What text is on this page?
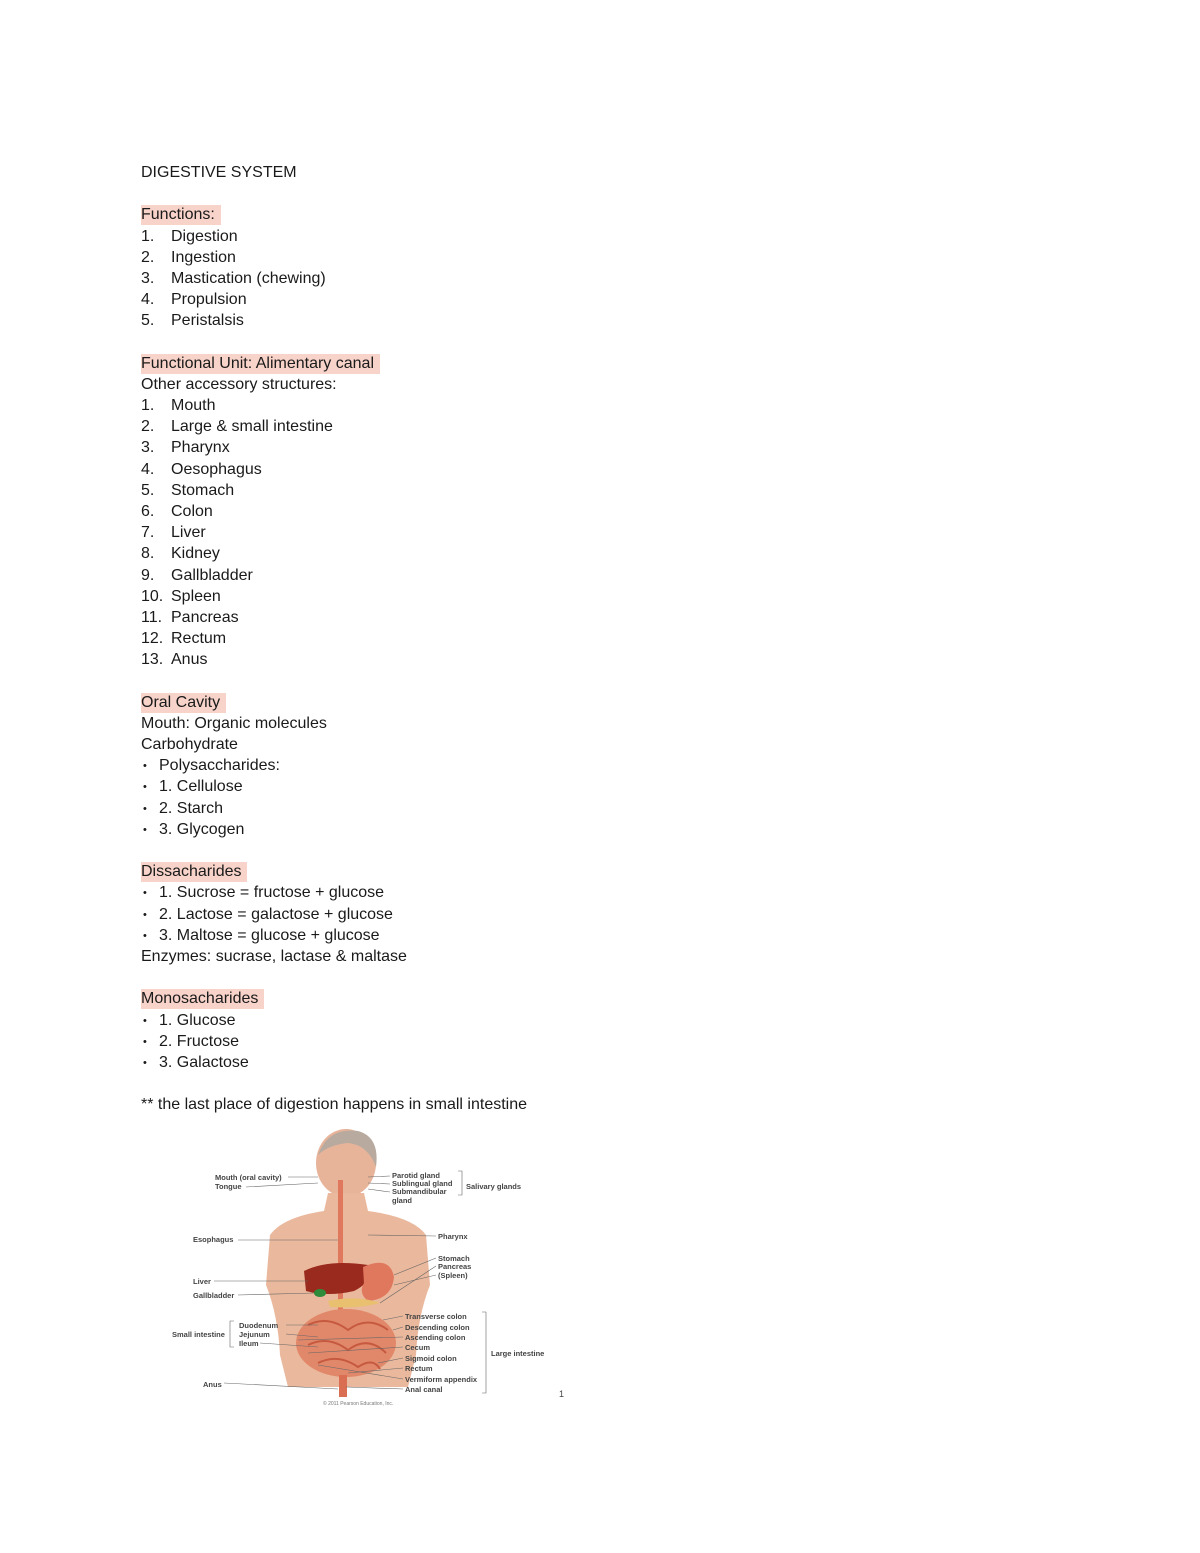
DIGESTIVE SYSTEM
Functions:
1. Digestion
2. Ingestion
3. Mastication (chewing)
4. Propulsion
5. Peristalsis
Functional Unit: Alimentary canal
Other accessory structures:
1. Mouth
2. Large & small intestine
3. Pharynx
4. Oesophagus
5. Stomach
6. Colon
7. Liver
8. Kidney
9. Gallbladder
10. Spleen
11. Pancreas
12. Rectum
13. Anus
Oral Cavity
Mouth: Organic molecules
Carbohydrate
• Polysaccharides:
• 1. Cellulose
• 2. Starch
• 3. Glycogen
Dissacharides
• 1. Sucrose = fructose + glucose
• 2. Lactose = galactose + glucose
• 3. Maltose = glucose + glucose
Enzymes: sucrase, lactase & maltase
Monosacharides
• 1. Glucose
• 2. Fructose
• 3. Galactose
** the last place of digestion happens in small intestine
Mouth (oral cavity)
Tongue
Esophagus
Liver
Gallbladder
Duodenum
Jejunum
Ileum
Small intestine
Anus
Parotid gland
Sublingual gland
Submandibular
gland
Salivary glands
Pharynx
Stomach
Pancreas
(Spleen)
Transverse colon
Descending colon
Ascending colon
Cecum
Sigmoid colon
Rectum
Vermiform appendix
Anal canal
Large intestine
© 2011 Pearson Education, Inc.
1
